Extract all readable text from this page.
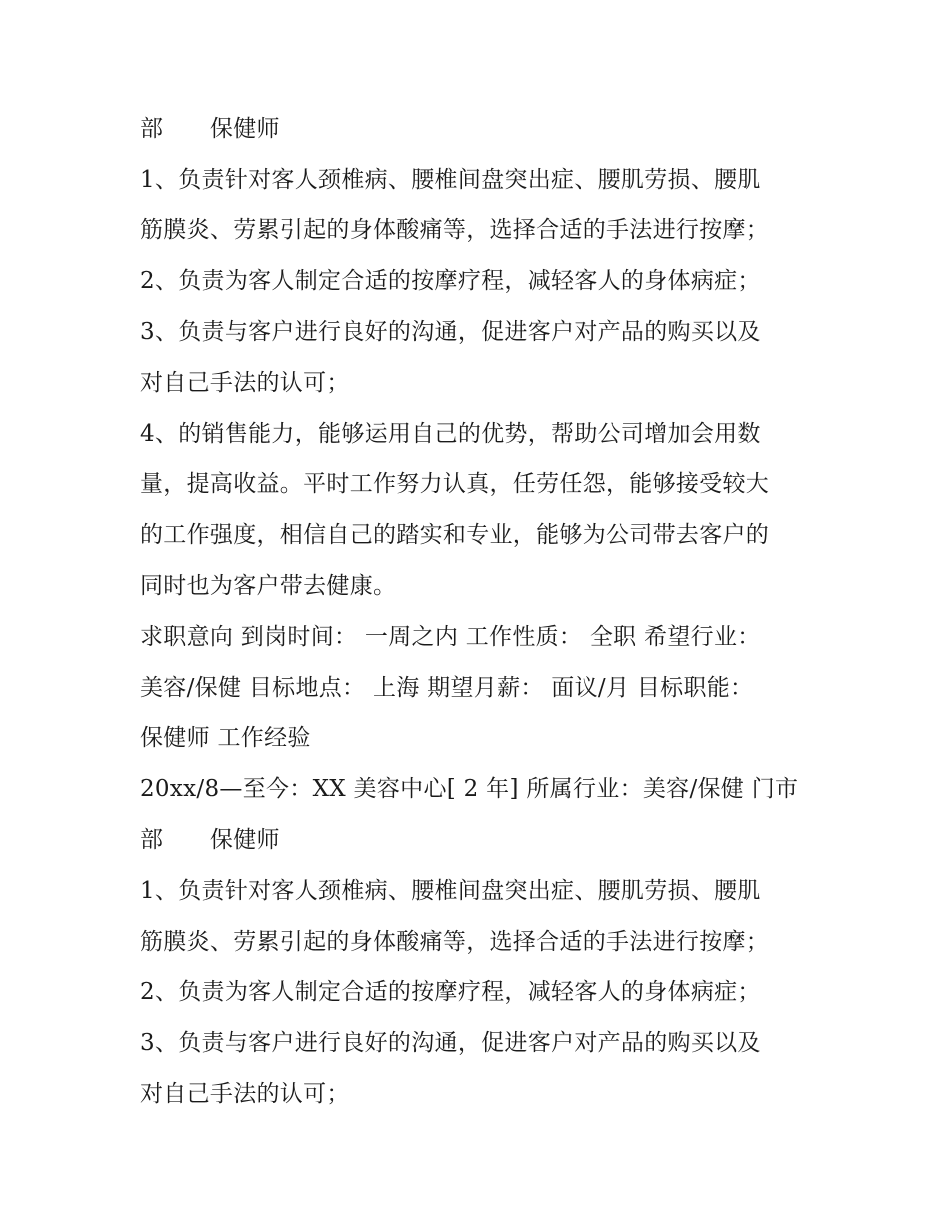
部　　保健师
1、负责针对客人颈椎病、腰椎间盘突出症、腰肌劳损、腰肌
筋膜炎、劳累引起的身体酸痛等，选择合适的手法进行按摩；
2、负责为客人制定合适的按摩疗程，减轻客人的身体病症；
3、负责与客户进行良好的沟通，促进客户对产品的购买以及
对自己手法的认可；
4、的销售能力，能够运用自己的优势，帮助公司增加会用数
量，提高收益。平时工作努力认真，任劳任怨，能够接受较大
的工作强度，相信自己的踏实和专业，能够为公司带去客户的
同时也为客户带去健康。
求职意向 到岗时间： 一周之内 工作性质： 全职 希望行业：
美容/保健 目标地点： 上海 期望月薪： 面议/月 目标职能：
保健师 工作经验
20xx/8—至今：XX 美容中心[ 2 年] 所属行业：美容/保健 门市
部　　保健师
1、负责针对客人颈椎病、腰椎间盘突出症、腰肌劳损、腰肌
筋膜炎、劳累引起的身体酸痛等，选择合适的手法进行按摩；
2、负责为客人制定合适的按摩疗程，减轻客人的身体病症；
3、负责与客户进行良好的沟通，促进客户对产品的购买以及
对自己手法的认可；
